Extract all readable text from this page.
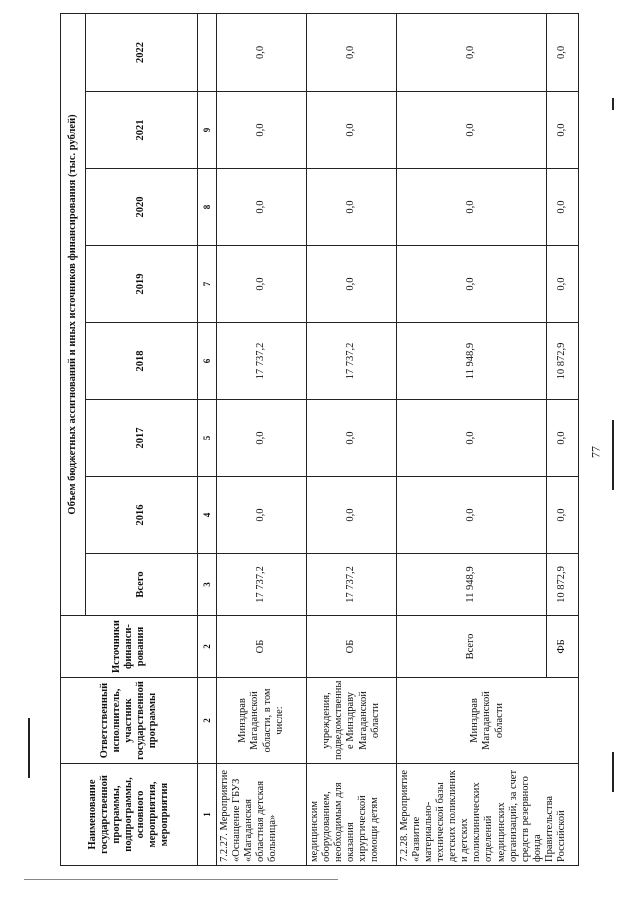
77
Наименование государственной программы, подпрограммы, основного мероприятия, мероприятия	Ответственный исполнитель, участник государственной программы	Источники финанси-рования	Объем бюджетных ассигнований и иных источников финансирования (тыс. рублей)							
			Всего	2016	2017	2018	2019	2020	2021	2022
1	2	2	3	4	5	6	7	8	9	
7.2.27. Мероприятие «Оснащение ГБУЗ «Магаданская областная детская больница»	Минздрав Магаданской области, в том числе:	ОБ	17 737,2	0,0	0,0	17 737,2	0,0	0,0	0,0	0,0
медицинским оборудованием, необходимым для оказания хирургической помощи детям	учреждения, подведомственны е Минздраву Магаданской области	ОБ	17 737,2	0,0	0,0	17 737,2	0,0	0,0	0,0	0,0
7.2.28. Мероприятие «Развитие материально-технической базы детских поликлиник и детских поликлинических отделений медицинских организаций, за счет средств резервного фонда Правительства Российской	Минздрав Магаданской области	Всего	11 948,9	0,0	0,0	11 948,9	0,0	0,0	0,0	0,0
		ФБ	10 872,9	0,0	0,0	10 872,9	0,0	0,0	0,0	0,0
